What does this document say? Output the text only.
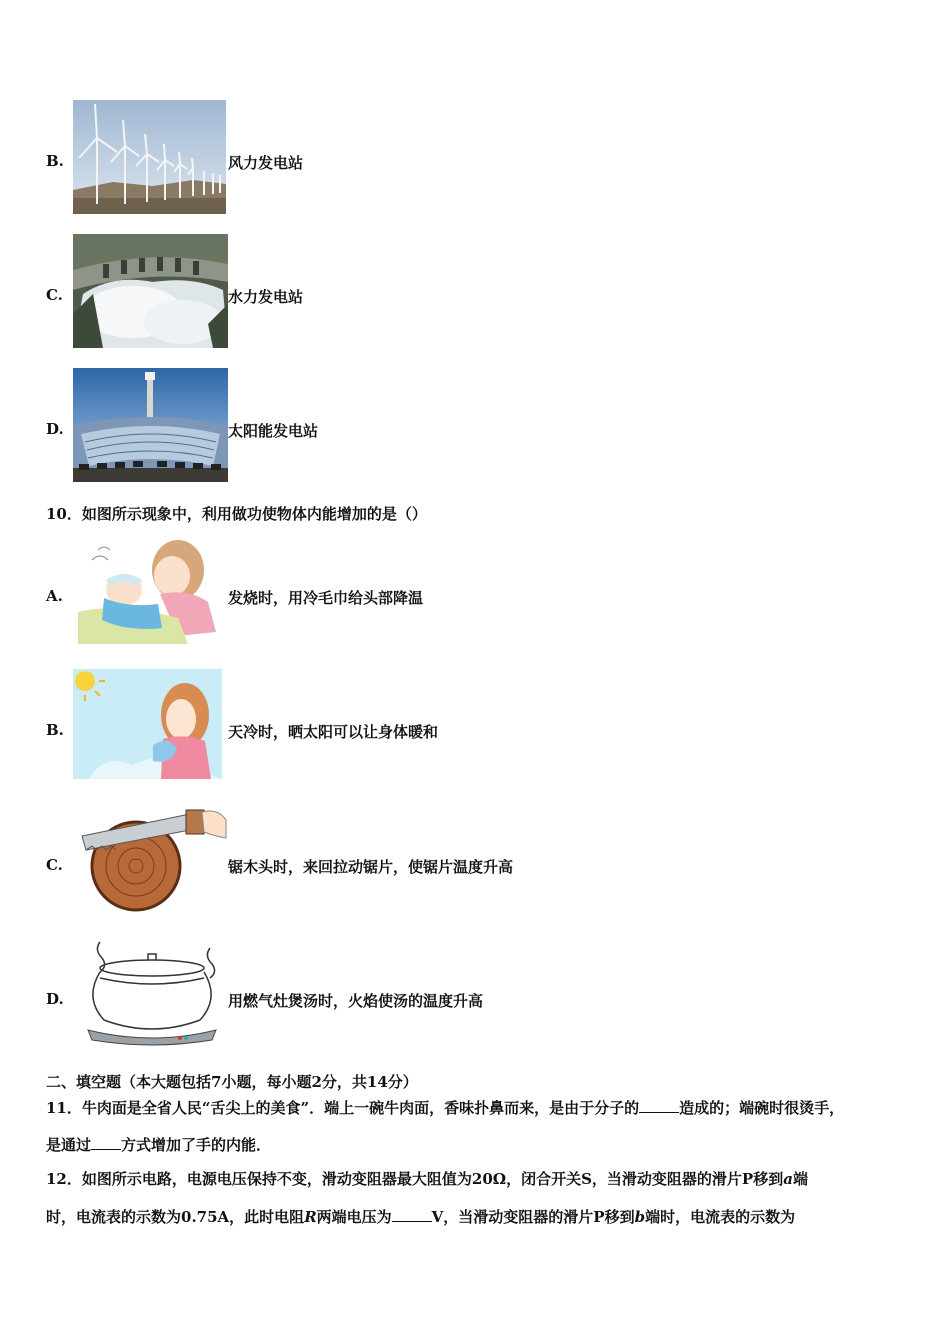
B.	风力发电站
C.	水力发电站
D.	太阳能发电站
10．如图所示现象中，利用做功使物体内能增加的是（）
A.	发烧时，用冷毛巾给头部降温
B.	天冷时，晒太阳可以让身体暖和
C.	锯木头时，来回拉动锯片，使锯片温度升高
D.	用燃气灶煲汤时，火焰使汤的温度升高
二、填空题（本大题包括7小题，每小题2分，共14分）
11．牛肉面是全省人民“舌尖上的美食”．端上一碗牛肉面，香味扑鼻而来，是由于分子的	造成的；端碗时很烫手，
是通过 方式增加了手的内能．
12．如图所示电路，电源电压保持不变，滑动变阻器最大阻值为20Ω，闭合开关S，当滑动变阻器的滑片P移到a端
时，电流表的示数为0.75A，此时电阻R两端电压为	V，当滑动变阻器的滑片P移到b端时，电流表的示数为
